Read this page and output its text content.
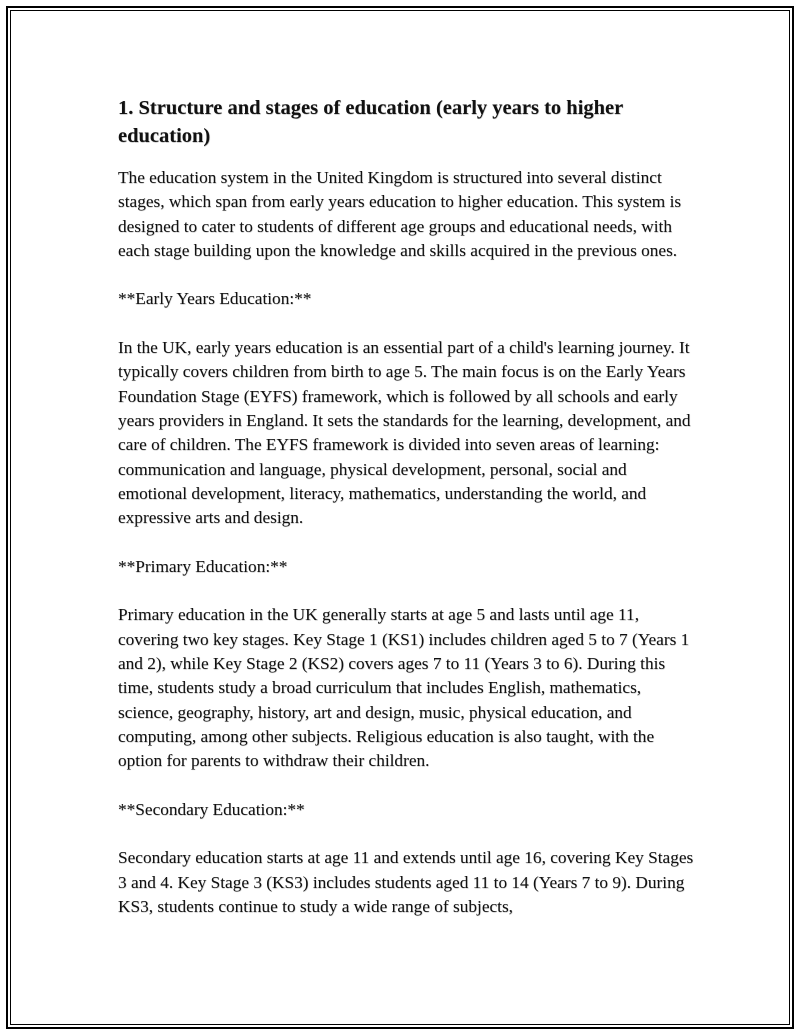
1. Structure and stages of education (early years to higher education)

The education system in the United Kingdom is structured into several distinct stages, which span from early years education to higher education. This system is designed to cater to students of different age groups and educational needs, with each stage building upon the knowledge and skills acquired in the previous ones.

**Early Years Education:**

In the UK, early years education is an essential part of a child's learning journey. It typically covers children from birth to age 5. The main focus is on the Early Years Foundation Stage (EYFS) framework, which is followed by all schools and early years providers in England. It sets the standards for the learning, development, and care of children. The EYFS framework is divided into seven areas of learning: communication and language, physical development, personal, social and emotional development, literacy, mathematics, understanding the world, and expressive arts and design.

**Primary Education:**

Primary education in the UK generally starts at age 5 and lasts until age 11, covering two key stages. Key Stage 1 (KS1) includes children aged 5 to 7 (Years 1 and 2), while Key Stage 2 (KS2) covers ages 7 to 11 (Years 3 to 6). During this time, students study a broad curriculum that includes English, mathematics, science, geography, history, art and design, music, physical education, and computing, among other subjects. Religious education is also taught, with the option for parents to withdraw their children.

**Secondary Education:**

Secondary education starts at age 11 and extends until age 16, covering Key Stages 3 and 4. Key Stage 3 (KS3) includes students aged 11 to 14 (Years 7 to 9). During KS3, students continue to study a wide range of subjects,
